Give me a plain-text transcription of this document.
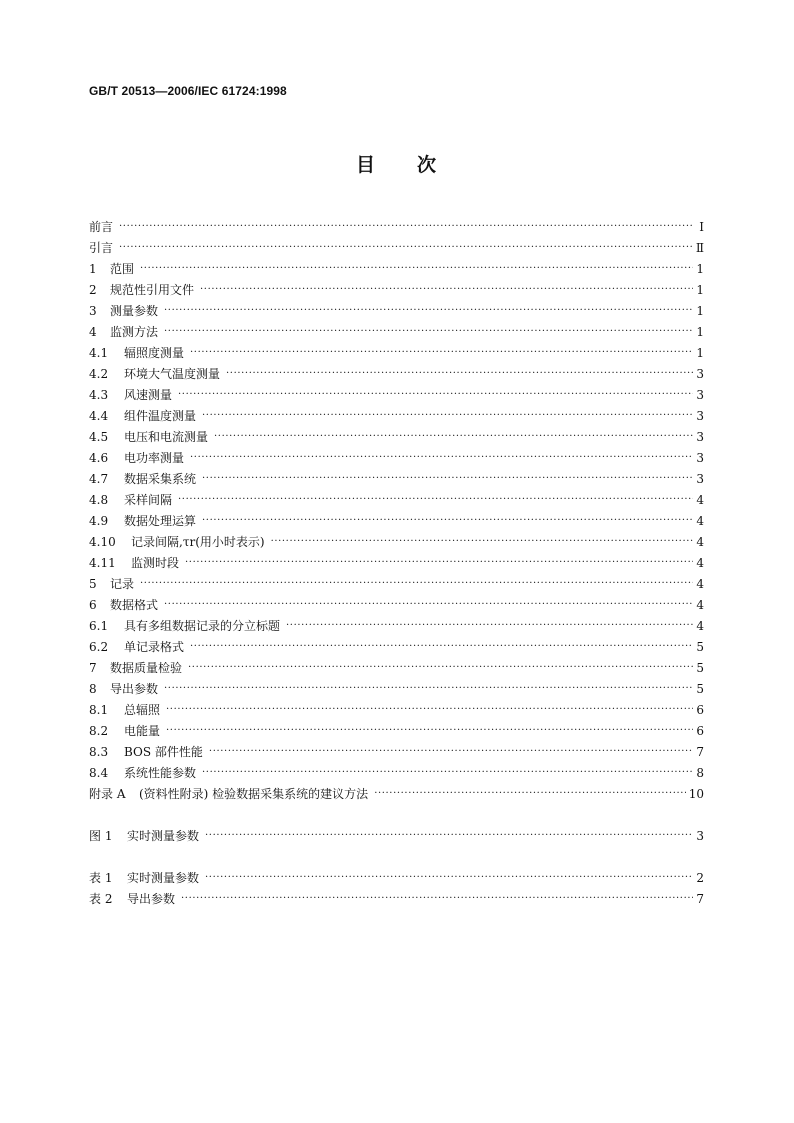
GB/T 20513—2006/IEC 61724:1998
目 次
前言 ·····	Ⅰ
引言 ·····	Ⅱ
1	范围 ·····	1
2	规范性引用文件 ·····	1
3	测量参数 ·····	1
4	监测方法 ·····	1
4.1	辐照度测量 ·····	1
4.2	环境大气温度测量 ·····	3
4.3	风速测量 ·····	3
4.4	组件温度测量 ·····	3
4.5	电压和电流测量 ·····	3
4.6	电功率测量 ·····	3
4.7	数据采集系统 ·····	3
4.8	采样间隔 ·····	4
4.9	数据处理运算 ·····	4
4.10	记录间隔,τr(用小时表示) ·····	4
4.11	监测时段 ·····	4
5	记录 ·····	4
6	数据格式 ·····	4
6.1	具有多组数据记录的分立标题 ·····	4
6.2	单记录格式 ·····	5
7	数据质量检验 ·····	5
8	导出参数 ·····	5
8.1	总辐照 ·····	6
8.2	电能量 ·····	6
8.3	BOS 部件性能 ·····	7
8.4	系统性能参数 ·····	8
附录 A	(资料性附录) 检验数据采集系统的建议方法 ·····	10
图 1	实时测量参数 ·····	3
表 1	实时测量参数 ·····	2
表 2	导出参数 ·····	7
